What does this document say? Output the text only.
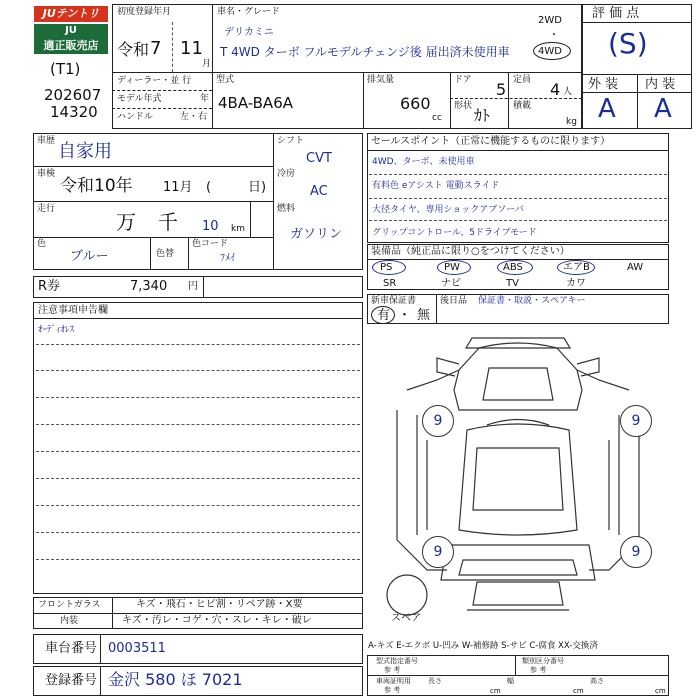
JUテントリ
JU
適正販売店
(T1)
202607
14320
初度登録年月
令和 7 11
月
車名・グレード
デリカミニ
T 4WD ターボ フルモデルチェンジ後 届出済未使用車
2WD
・
4WD
ディーラー・並 行
モデル年式	年
ハンドル	左・右
型式
4BA-BA6A
排気量
660
cc
ドア 5
形状 ｶﾄ
定員 4 人
積載
kg
評 価 点
(S)
外 装 内 装
A A
車歴 自家用
車検
令和10年 11月 (	日)
走行
万 千 10 km
色
ブルー	色替
色コード
ﾌﾒｲ
シフト
CVT
冷房
AC
燃料
ガソリン
R券	7,340 円
注意事項申告欄
ｵｰﾃﾞｨｵﾚｽ
セールスポイント（正常に機能するものに限ります）
4WD、ターボ、未使用車
有料色 eアシスト 電動スライド
大径タイヤ、専用ショックアブソーバ
グリップコントロール、5ドライブモード
装備品（純正品に限り○をつけてください）
PS	PW	ABS	エアB	AW
SR	ナビ	TV	カワ
新車保証書
有 ・ 無
後日品 保証書・取説・スペアキー
9	9
9	9
スペア
フロントガラス	キズ・飛石・ヒビ割・リペア跡・X要
内装	キズ・汚レ・コゲ・穴・スレ・キレ・破レ
車台番号 0003511
登録番号 金沢 580 ほ 7021
A-キズ E-エクボ U-凹み W-補修跡 S-サビ C-腐食 XX-交換済
型式指定番号
参 考
類別区分番号
参 考
車両証明用
参 考
長さ
cm
幅
cm
高さ
cm
